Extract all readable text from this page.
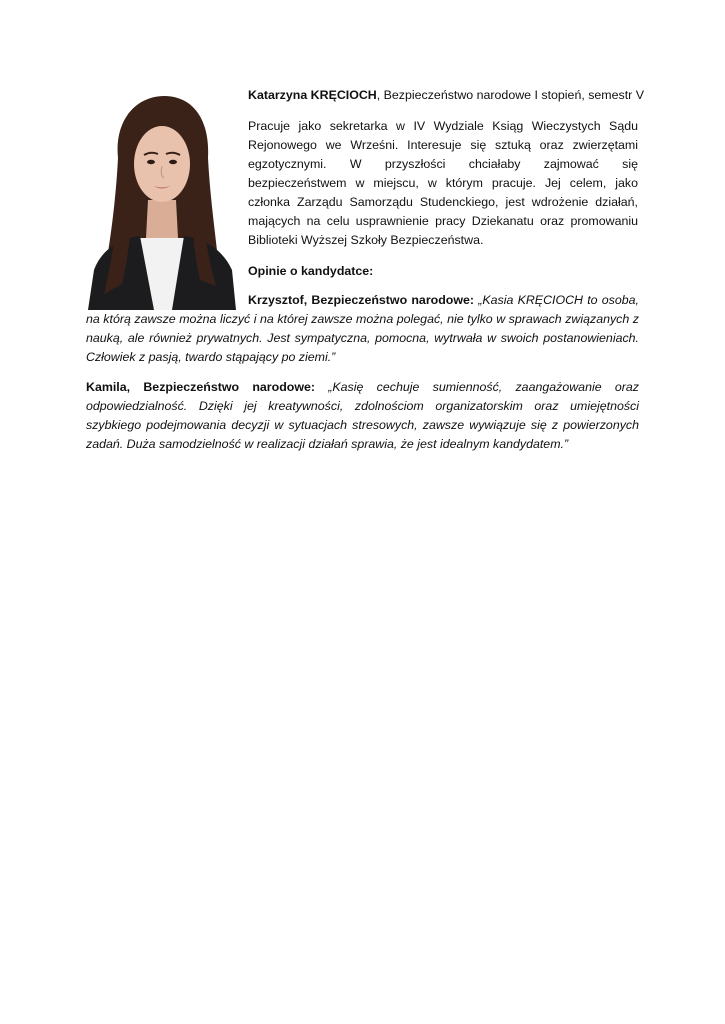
Katarzyna KRĘCIOCH, Bezpieczeństwo narodowe I stopień, semestr V

Pracuje jako sekretarka w IV Wydziale Ksiąg Wieczystych Sądu Rejonowego we Wrześni. Interesuje się sztuką oraz zwierzętami egzotycznymi. W przyszłości chciałaby zajmować się bezpieczeństwem w miejscu, w którym pracuje. Jej celem, jako członka Zarządu Samorządu Studenckiego, jest wdrożenie działań, mających na celu usprawnienie pracy Dziekanatu oraz promowaniu Biblioteki Wyższej Szkoły Bezpieczeństwa.

Opinie o kandydatce:

Krzysztof, Bezpieczeństwo narodowe: „Kasia KRĘCIOCH to osoba, na którą zawsze można liczyć i na której zawsze można polegać, nie tylko w sprawach związanych z nauką, ale również prywatnych. Jest sympatyczna, pomocna, wytrwała w swoich postanowieniach. Człowiek z pasją, twardo stąpający po ziemi.”

Kamila, Bezpieczeństwo narodowe: „Kasię cechuje sumienność, zaangażowanie oraz odpowiedzialność. Dzięki jej kreatywności, zdolnościom organizatorskim oraz umiejętności szybkiego podejmowania decyzji w sytuacjach stresowych, zawsze wywiązuje się z powierzonych zadań. Duża samodzielność w realizacji działań sprawia, że jest idealnym kandydatem.”
